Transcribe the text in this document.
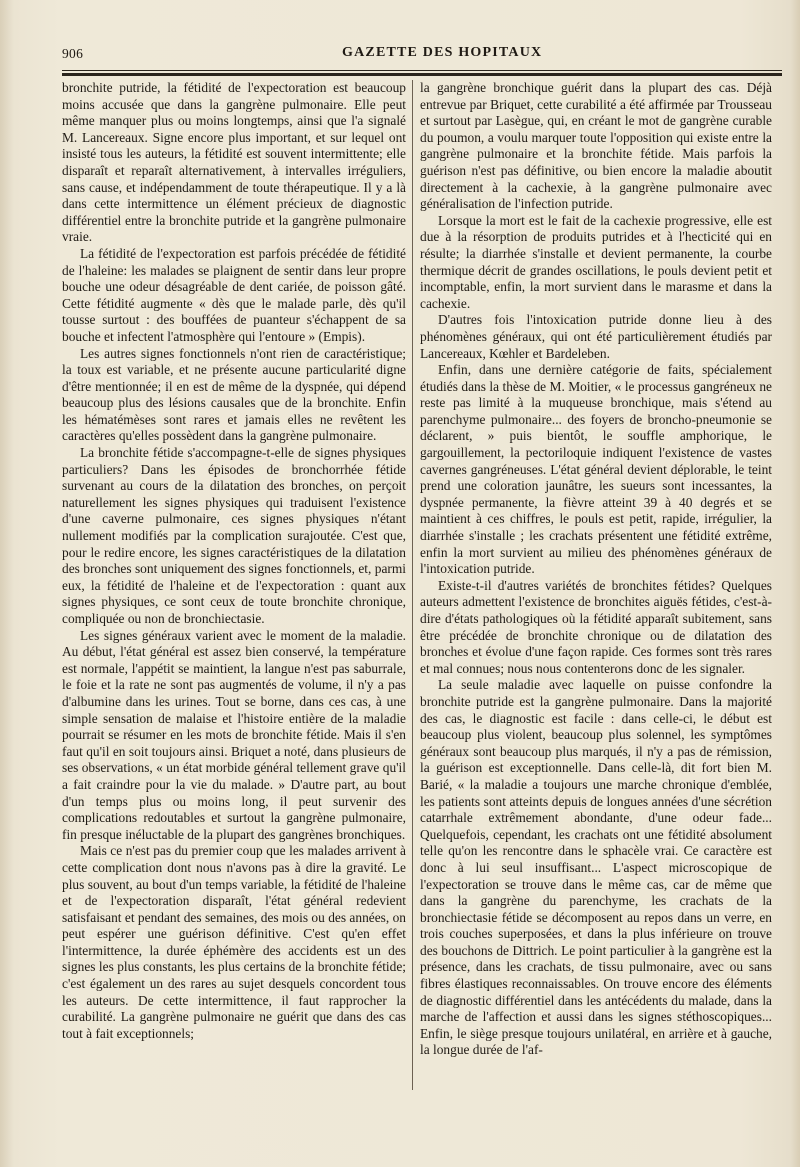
906	GAZETTE DES HOPITAUX

bronchite putride, la fétidité de l'expectoration est beaucoup moins accusée que dans la gangrène pulmonaire. Elle peut même manquer plus ou moins longtemps, ainsi que l'a signalé M. Lancereaux. Signe encore plus important, et sur lequel ont insisté tous les auteurs, la fétidité est souvent intermittente; elle disparaît et reparaît alternativement, à intervalles irréguliers, sans cause, et indépendamment de toute thérapeutique. Il y a là dans cette intermittence un élément précieux de diagnostic différentiel entre la bronchite putride et la gangrène pulmonaire vraie.

La fétidité de l'expectoration est parfois précédée de fétidité de l'haleine: les malades se plaignent de sentir dans leur propre bouche une odeur désagréable de dent cariée, de poisson gâté. Cette fétidité augmente « dès que le malade parle, dès qu'il tousse surtout : des bouffées de puanteur s'échappent de sa bouche et infectent l'atmosphère qui l'entoure » (Empis).

Les autres signes fonctionnels n'ont rien de caractéristique; la toux est variable, et ne présente aucune particularité digne d'être mentionnée; il en est de même de la dyspnée, qui dépend beaucoup plus des lésions causales que de la bronchite. Enfin les hématémèses sont rares et jamais elles ne revêtent les caractères qu'elles possèdent dans la gangrène pulmonaire.

La bronchite fétide s'accompagne-t-elle de signes physiques particuliers? Dans les épisodes de bronchorrhée fétide survenant au cours de la dilatation des bronches, on perçoit naturellement les signes physiques qui traduisent l'existence d'une caverne pulmonaire, ces signes physiques n'étant nullement modifiés par la complication surajoutée. C'est que, pour le redire encore, les signes caractéristiques de la dilatation des bronches sont uniquement des signes fonctionnels, et, parmi eux, la fétidité de l'haleine et de l'expectoration : quant aux signes physiques, ce sont ceux de toute bronchite chronique, compliquée ou non de bronchiectasie.

Les signes généraux varient avec le moment de la maladie. Au début, l'état général est assez bien conservé, la température est normale, l'appétit se maintient, la langue n'est pas saburrale, le foie et la rate ne sont pas augmentés de volume, il n'y a pas d'albumine dans les urines. Tout se borne, dans ces cas, à une simple sensation de malaise et l'histoire entière de la maladie pourrait se résumer en les mots de bronchite fétide. Mais il s'en faut qu'il en soit toujours ainsi. Briquet a noté, dans plusieurs de ses observations, « un état morbide général tellement grave qu'il a fait craindre pour la vie du malade. » D'autre part, au bout d'un temps plus ou moins long, il peut survenir des complications redoutables et surtout la gangrène pulmonaire, fin presque inéluctable de la plupart des gangrènes bronchiques.

Mais ce n'est pas du premier coup que les malades arrivent à cette complication dont nous n'avons pas à dire la gravité. Le plus souvent, au bout d'un temps variable, la fétidité de l'haleine et de l'expectoration disparaît, l'état général redevient satisfaisant et pendant des semaines, des mois ou des années, on peut espérer une guérison définitive. C'est qu'en effet l'intermittence, la durée éphémère des accidents est un des signes les plus constants, les plus certains de la bronchite fétide; c'est également un des rares au sujet desquels concordent tous les auteurs. De cette intermittence, il faut rapprocher la curabilité. La gangrène pulmonaire ne guérit que dans des cas tout à fait exceptionnels;

la gangrène bronchique guérit dans la plupart des cas. Déjà entrevue par Briquet, cette curabilité a été affirmée par Trousseau et surtout par Lasègue, qui, en créant le mot de gangrène curable du poumon, a voulu marquer toute l'opposition qui existe entre la gangrène pulmonaire et la bronchite fétide. Mais parfois la guérison n'est pas définitive, ou bien encore la maladie aboutit directement à la cachexie, à la gangrène pulmonaire avec généralisation de l'infection putride.

Lorsque la mort est le fait de la cachexie progressive, elle est due à la résorption de produits putrides et à l'hecticité qui en résulte; la diarrhée s'installe et devient permanente, la courbe thermique décrit de grandes oscillations, le pouls devient petit et incomptable, enfin, la mort survient dans le marasme et dans la cachexie.

D'autres fois l'intoxication putride donne lieu à des phénomènes généraux, qui ont été particulièrement étudiés par Lancereaux, Kœhler et Bardeleben.

Enfin, dans une dernière catégorie de faits, spécialement étudiés dans la thèse de M. Moitier, « le processus gangréneux ne reste pas limité à la muqueuse bronchique, mais s'étend au parenchyme pulmonaire... des foyers de broncho-pneumonie se déclarent, » puis bientôt, le souffle amphorique, le gargouillement, la pectoriloquie indiquent l'existence de vastes cavernes gangréneuses. L'état général devient déplorable, le teint prend une coloration jaunâtre, les sueurs sont incessantes, la dyspnée permanente, la fièvre atteint 39 à 40 degrés et se maintient à ces chiffres, le pouls est petit, rapide, irrégulier, la diarrhée s'installe ; les crachats présentent une fétidité extrême, enfin la mort survient au milieu des phénomènes généraux de l'intoxication putride.

Existe-t-il d'autres variétés de bronchites fétides? Quelques auteurs admettent l'existence de bronchites aiguës fétides, c'est-à-dire d'états pathologiques où la fétidité apparaît subitement, sans être précédée de bronchite chronique ou de dilatation des bronches et évolue d'une façon rapide. Ces formes sont très rares et mal connues; nous nous contenterons donc de les signaler.

La seule maladie avec laquelle on puisse confondre la bronchite putride est la gangrène pulmonaire. Dans la majorité des cas, le diagnostic est facile : dans celle-ci, le début est beaucoup plus violent, beaucoup plus solennel, les symptômes généraux sont beaucoup plus marqués, il n'y a pas de rémission, la guérison est exceptionnelle. Dans celle-là, dit fort bien M. Barié, « la maladie a toujours une marche chronique d'emblée, les patients sont atteints depuis de longues années d'une sécrétion catarrhale extrêmement abondante, d'une odeur fade... Quelquefois, cependant, les crachats ont une fétidité absolument telle qu'on les rencontre dans le sphacèle vrai. Ce caractère est donc à lui seul insuffisant... L'aspect microscopique de l'expectoration se trouve dans le même cas, car de même que dans la gangrène du parenchyme, les crachats de la bronchiectasie fétide se décomposent au repos dans un verre, en trois couches superposées, et dans la plus inférieure on trouve des bouchons de Dittrich. Le point particulier à la gangrène est la présence, dans les crachats, de tissu pulmonaire, avec ou sans fibres élastiques reconnaissables. On trouve encore des éléments de diagnostic différentiel dans les antécédents du malade, dans la marche de l'affection et aussi dans les signes stéthoscopiques... Enfin, le siège presque toujours unilatéral, en arrière et à gauche, la longue durée de l'af-
